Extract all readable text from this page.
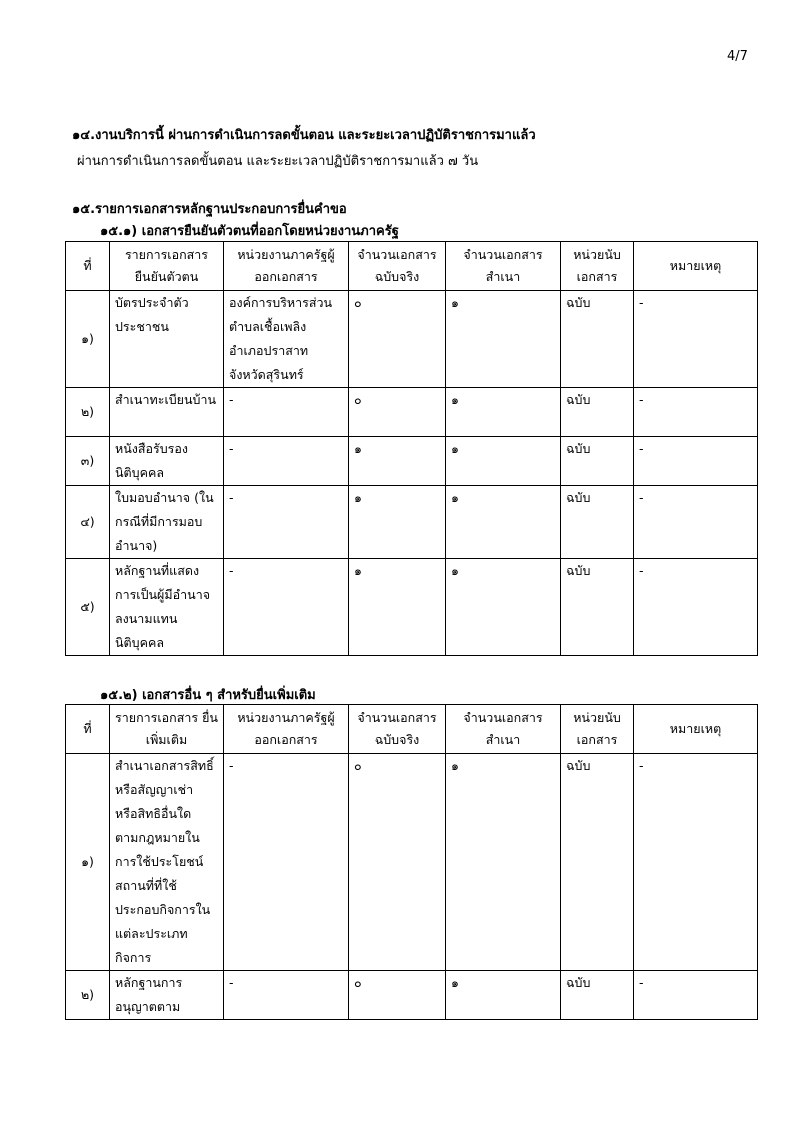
4/7
๑๔.งานบริการนี้ ผ่านการดำเนินการลดขั้นตอน และระยะเวลาปฏิบัติราชการมาแล้ว
ผ่านการดำเนินการลดขั้นตอน และระยะเวลาปฏิบัติราชการมาแล้ว ๗ วัน
๑๕.รายการเอกสารหลักฐานประกอบการยื่นคำขอ
๑๕.๑) เอกสารยืนยันตัวตนที่ออกโดยหน่วยงานภาครัฐ
ที่	รายการเอกสาร ยืนยันตัวตน	หน่วยงานภาครัฐผู้ออกเอกสาร	จำนวนเอกสาร ฉบับจริง	จำนวนเอกสาร สำเนา	หน่วยนับ เอกสาร	หมายเหตุ
๑)	บัตรประจำตัวประชาชน	องค์การบริหารส่วนตำบลเชื้อเพลิง อำเภอปราสาท จังหวัดสุรินทร์	๐	๑	ฉบับ	-
๒)	สำเนาทะเบียนบ้าน	-	๐	๑	ฉบับ	-
๓)	หนังสือรับรองนิติบุคคล	-	๑	๑	ฉบับ	-
๔)	ใบมอบอำนาจ (ในกรณีที่มีการมอบอำนาจ)	-	๑	๑	ฉบับ	-
๕)	หลักฐานที่แสดงการเป็นผู้มีอำนาจลงนามแทนนิติบุคคล	-	๑	๑	ฉบับ	-
๑๕.๒) เอกสารอื่น ๆ สำหรับยื่นเพิ่มเติม
ที่	รายการเอกสาร ยื่นเพิ่มเติม	หน่วยงานภาครัฐผู้ออกเอกสาร	จำนวนเอกสาร ฉบับจริง	จำนวนเอกสาร สำเนา	หน่วยนับ เอกสาร	หมายเหตุ
๑)	สำเนาเอกสารสิทธิ์ หรือสัญญาเช่า หรือสิทธิอื่นใด ตามกฎหมายในการใช้ประโยชน์สถานที่ที่ใช้ประกอบกิจการในแต่ละประเภทกิจการ	-	๐	๑	ฉบับ	-
๒)	หลักฐานการอนุญาตตาม	-	๐	๑	ฉบับ	-
